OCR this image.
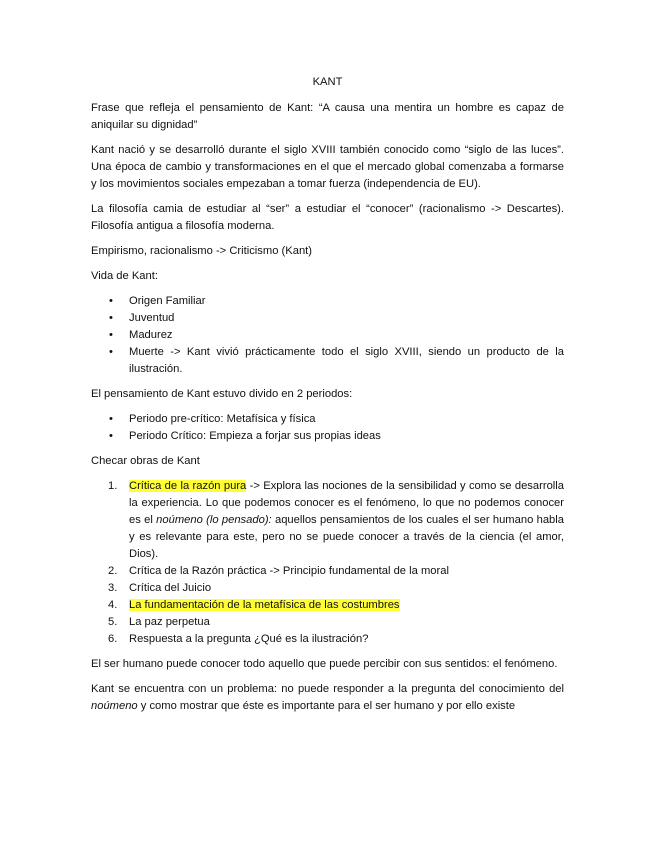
KANT

Frase que refleja el pensamiento de Kant: “A causa una mentira un hombre es capaz de aniquilar su dignidad”

Kant nació y se desarrolló durante el siglo XVIII también conocido como “siglo de las luces”. Una época de cambio y transformaciones en el que el mercado global comenzaba a formarse y los movimientos sociales empezaban a tomar fuerza (independencia de EU).

La filosofía camia de estudiar al “ser” a estudiar el “conocer” (racionalismo -> Descartes). Filosofía antigua a filosofía moderna.

Empirismo, racionalismo -> Criticismo (Kant)

Vida de Kant:

• Origen Familiar
• Juventud
• Madurez
• Muerte -> Kant vivió prácticamente todo el siglo XVIII, siendo un producto de la ilustración.

El pensamiento de Kant estuvo divido en 2 periodos:

• Periodo pre-crítico: Metafísica y física
• Periodo Crítico: Empieza a forjar sus propias ideas

Checar obras de Kant

1. Crítica de la razón pura -> Explora las nociones de la sensibilidad y como se desarrolla la experiencia. Lo que podemos conocer es el fenómeno, lo que no podemos conocer es el noúmeno (lo pensado): aquellos pensamientos de los cuales el ser humano habla y es relevante para este, pero no se puede conocer a través de la ciencia (el amor, Dios).
2. Crítica de la Razón práctica -> Principio fundamental de la moral
3. Crítica del Juicio
4. La fundamentación de la metafísica de las costumbres
5. La paz perpetua
6. Respuesta a la pregunta ¿Qué es la ilustración?

El ser humano puede conocer todo aquello que puede percibir con sus sentidos: el fenómeno.

Kant se encuentra con un problema: no puede responder a la pregunta del conocimiento del noúmeno y como mostrar que éste es importante para el ser humano y por ello existe
